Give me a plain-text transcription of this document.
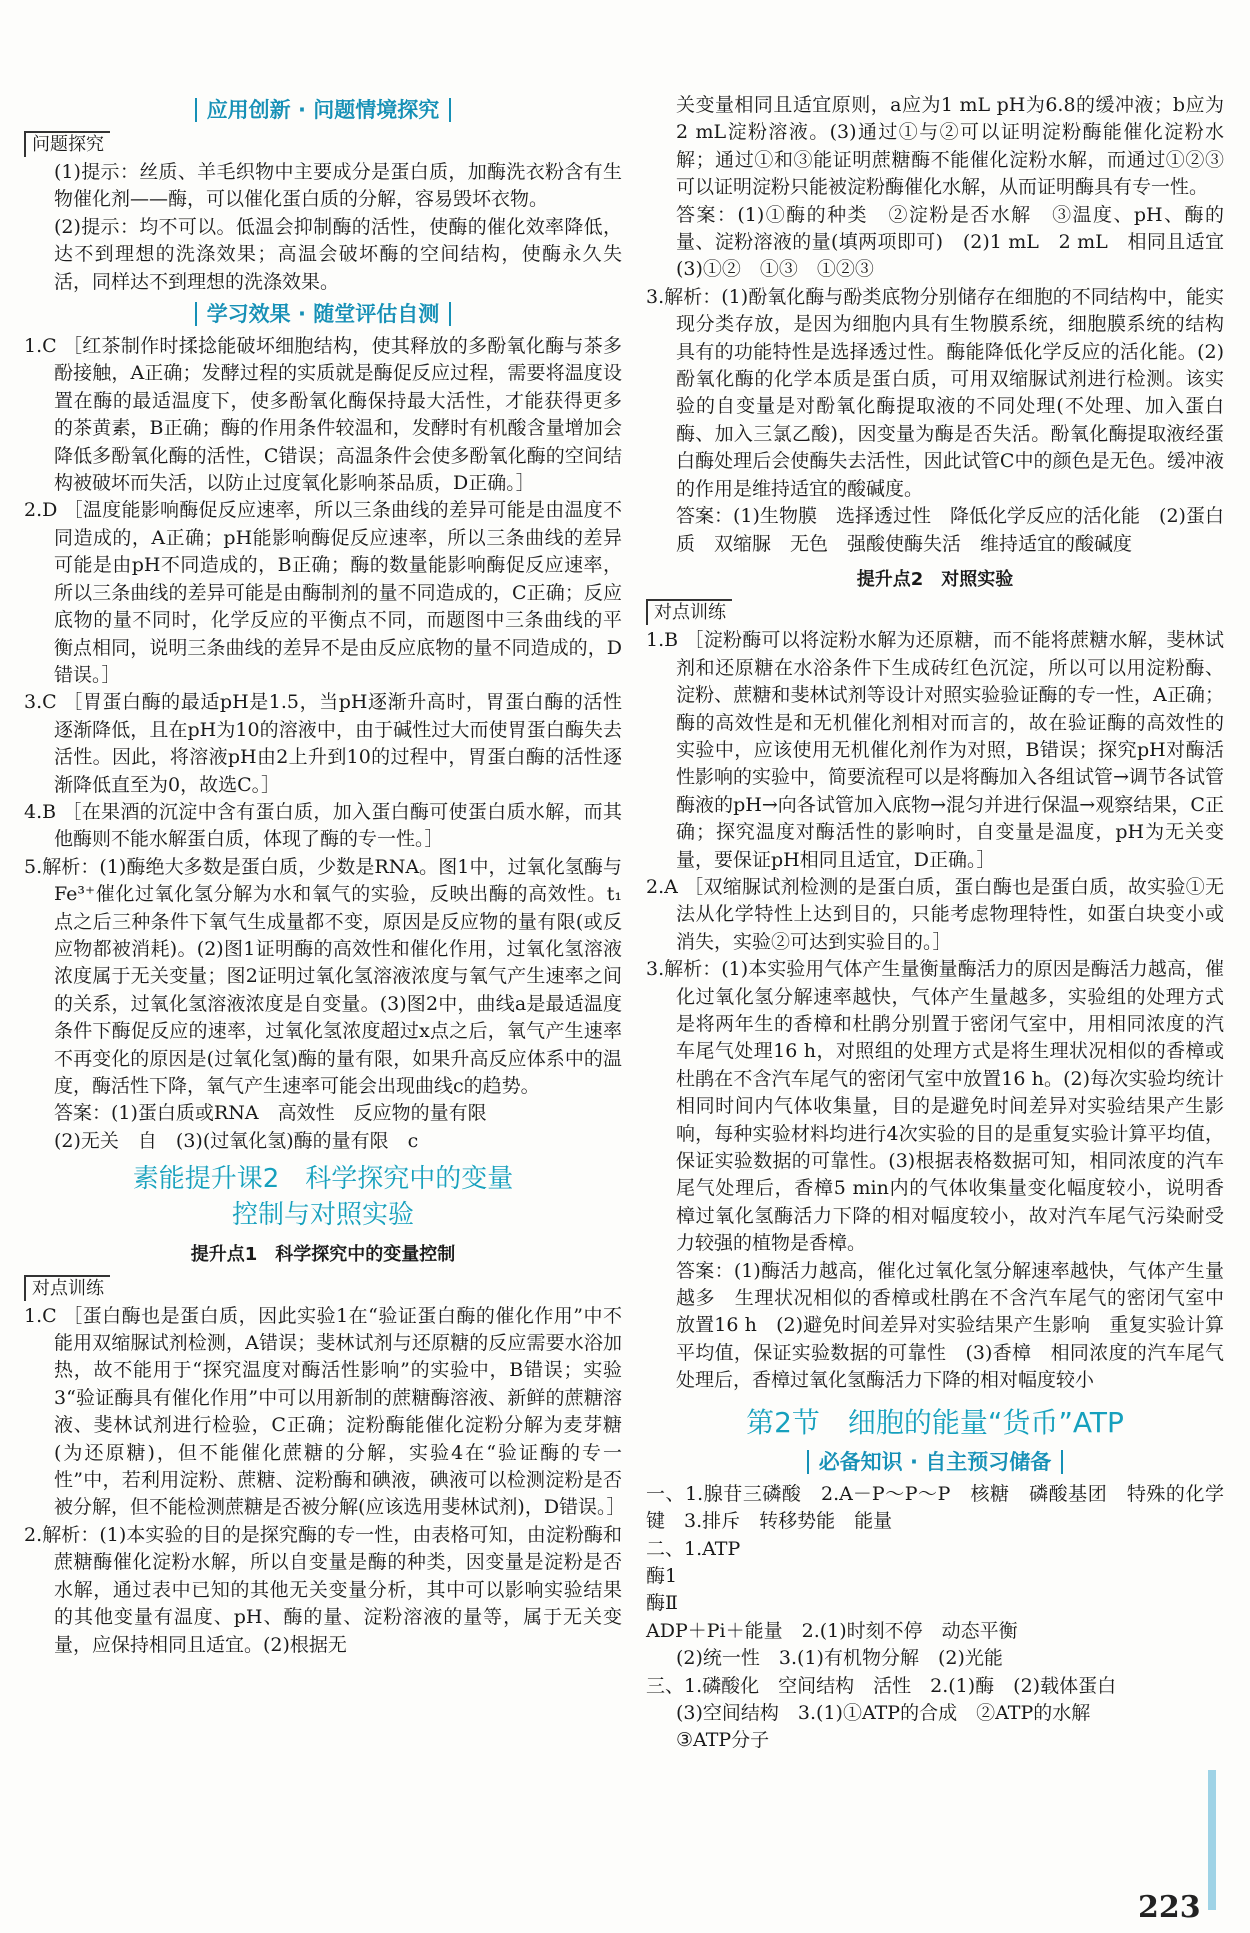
应用创新 · 问题情境探究
问题探究

(1)提示：丝质、羊毛织物中主要成分是蛋白质，加酶洗衣粉含有生物催化剂——酶，可以催化蛋白质的分解，容易毁坏衣物。

(2)提示：均不可以。低温会抑制酶的活性，使酶的催化效率降低，达不到理想的洗涤效果；高温会破坏酶的空间结构，使酶永久失活，同样达不到理想的洗涤效果。

学习效果 · 随堂评估自测

1.C ［红茶制作时揉捻能破坏细胞结构，使其释放的多酚氧化酶与茶多酚接触，A正确；发酵过程的实质就是酶促反应过程，需要将温度设置在酶的最适温度下，使多酚氧化酶保持最大活性，才能获得更多的茶黄素，B正确；酶的作用条件较温和，发酵时有机酸含量增加会降低多酚氧化酶的活性，C错误；高温条件会使多酚氧化酶的空间结构被破坏而失活，以防止过度氧化影响茶品质，D正确。］

2.D ［温度能影响酶促反应速率，所以三条曲线的差异可能是由温度不同造成的，A正确；pH能影响酶促反应速率，所以三条曲线的差异可能是由pH不同造成的，B正确；酶的数量能影响酶促反应速率，所以三条曲线的差异可能是由酶制剂的量不同造成的，C正确；反应底物的量不同时，化学反应的平衡点不同，而题图中三条曲线的平衡点相同，说明三条曲线的差异不是由反应底物的量不同造成的，D错误。］

3.C ［胃蛋白酶的最适pH是1.5，当pH逐渐升高时，胃蛋白酶的活性逐渐降低，且在pH为10的溶液中，由于碱性过大而使胃蛋白酶失去活性。因此，将溶液pH由2上升到10的过程中，胃蛋白酶的活性逐渐降低直至为0，故选C。］

4.B ［在果酒的沉淀中含有蛋白质，加入蛋白酶可使蛋白质水解，而其他酶则不能水解蛋白质，体现了酶的专一性。］

5.解析：(1)酶绝大多数是蛋白质，少数是RNA。图1中，过氧化氢酶与Fe³⁺催化过氧化氢分解为水和氧气的实验，反映出酶的高效性。t₁点之后三种条件下氧气生成量都不变，原因是反应物的量有限(或反应物都被消耗)。(2)图1证明酶的高效性和催化作用，过氧化氢溶液浓度属于无关变量；图2证明过氧化氢溶液浓度与氧气产生速率之间的关系，过氧化氢溶液浓度是自变量。(3)图2中，曲线a是最适温度条件下酶促反应的速率，过氧化氢浓度超过x点之后，氧气产生速率不再变化的原因是(过氧化氢)酶的量有限，如果升高反应体系中的温度，酶活性下降，氧气产生速率可能会出现曲线c的趋势。

答案：(1)蛋白质或RNA　高效性　反应物的量有限

(2)无关　自　(3)(过氧化氢)酶的量有限　c

素能提升课2　科学探究中的变量
控制与对照实验
提升点1　科学探究中的变量控制
对点训练

1.C ［蛋白酶也是蛋白质，因此实验1在“验证蛋白酶的催化作用”中不能用双缩脲试剂检测，A错误；斐林试剂与还原糖的反应需要水浴加热，故不能用于“探究温度对酶活性影响”的实验中，B错误；实验3“验证酶具有催化作用”中可以用新制的蔗糖酶溶液、新鲜的蔗糖溶液、斐林试剂进行检验，C正确；淀粉酶能催化淀粉分解为麦芽糖(为还原糖)，但不能催化蔗糖的分解，实验4在“验证酶的专一性”中，若利用淀粉、蔗糖、淀粉酶和碘液，碘液可以检测淀粉是否被分解，但不能检测蔗糖是否被分解(应该选用斐林试剂)，D错误。］

2.解析：(1)本实验的目的是探究酶的专一性，由表格可知，由淀粉酶和蔗糖酶催化淀粉水解，所以自变量是酶的种类，因变量是淀粉是否水解，通过表中已知的其他无关变量分析，其中可以影响实验结果的其他变量有温度、pH、酶的量、淀粉溶液的量等，属于无关变量，应保持相同且适宜。(2)根据无

关变量相同且适宜原则，a应为1 mL pH为6.8的缓冲液；b应为2 mL淀粉溶液。(3)通过①与②可以证明淀粉酶能催化淀粉水解；通过①和③能证明蔗糖酶不能催化淀粉水解，而通过①②③可以证明淀粉只能被淀粉酶催化水解，从而证明酶具有专一性。

答案：(1)①酶的种类　②淀粉是否水解　③温度、pH、酶的量、淀粉溶液的量(填两项即可)　(2)1 mL　2 mL　相同且适宜　(3)①②　①③　①②③

3.解析：(1)酚氧化酶与酚类底物分别储存在细胞的不同结构中，能实现分类存放，是因为细胞内具有生物膜系统，细胞膜系统的结构具有的功能特性是选择透过性。酶能降低化学反应的活化能。(2)酚氧化酶的化学本质是蛋白质，可用双缩脲试剂进行检测。该实验的自变量是对酚氧化酶提取液的不同处理(不处理、加入蛋白酶、加入三氯乙酸)，因变量为酶是否失活。酚氧化酶提取液经蛋白酶处理后会使酶失去活性，因此试管C中的颜色是无色。缓冲液的作用是维持适宜的酸碱度。

答案：(1)生物膜　选择透过性　降低化学反应的活化能　(2)蛋白质　双缩脲　无色　强酸使酶失活　维持适宜的酸碱度

提升点2　对照实验
对点训练

1.B ［淀粉酶可以将淀粉水解为还原糖，而不能将蔗糖水解，斐林试剂和还原糖在水浴条件下生成砖红色沉淀，所以可以用淀粉酶、淀粉、蔗糖和斐林试剂等设计对照实验验证酶的专一性，A正确；酶的高效性是和无机催化剂相对而言的，故在验证酶的高效性的实验中，应该使用无机催化剂作为对照，B错误；探究pH对酶活性影响的实验中，简要流程可以是将酶加入各组试管→调节各试管酶液的pH→向各试管加入底物→混匀并进行保温→观察结果，C正确；探究温度对酶活性的影响时，自变量是温度，pH为无关变量，要保证pH相同且适宜，D正确。］

2.A ［双缩脲试剂检测的是蛋白质，蛋白酶也是蛋白质，故实验①无法从化学特性上达到目的，只能考虑物理特性，如蛋白块变小或消失，实验②可达到实验目的。］

3.解析：(1)本实验用气体产生量衡量酶活力的原因是酶活力越高，催化过氧化氢分解速率越快，气体产生量越多，实验组的处理方式是将两年生的香樟和杜鹃分别置于密闭气室中，用相同浓度的汽车尾气处理16 h，对照组的处理方式是将生理状况相似的香樟或杜鹃在不含汽车尾气的密闭气室中放置16 h。(2)每次实验均统计相同时间内气体收集量，目的是避免时间差异对实验结果产生影响，每种实验材料均进行4次实验的目的是重复实验计算平均值，保证实验数据的可靠性。(3)根据表格数据可知，相同浓度的汽车尾气处理后，香樟5 min内的气体收集量变化幅度较小，说明香樟过氧化氢酶活力下降的相对幅度较小，故对汽车尾气污染耐受力较强的植物是香樟。

答案：(1)酶活力越高，催化过氧化氢分解速率越快，气体产生量越多　生理状况相似的香樟或杜鹃在不含汽车尾气的密闭气室中放置16 h　(2)避免时间差异对实验结果产生影响　重复实验计算平均值，保证实验数据的可靠性　(3)香樟　相同浓度的汽车尾气处理后，香樟过氧化氢酶活力下降的相对幅度较小

第2节　细胞的能量“货币”ATP
必备知识 · 自主预习储备

一、1.腺苷三磷酸　2.A－P～P～P　核糖　磷酸基团　特殊的化学键　3.排斥　转移势能　能量

二、1.ATP

酶1
酶Ⅱ
ADP＋Pi＋能量　2.(1)时刻不停　动态平衡

(2)统一性　3.(1)有机物分解　(2)光能

三、1.磷酸化　空间结构　活性　2.(1)酶　(2)载体蛋白

(3)空间结构　3.(1)①ATP的合成　②ATP的水解

③ATP分子

223
